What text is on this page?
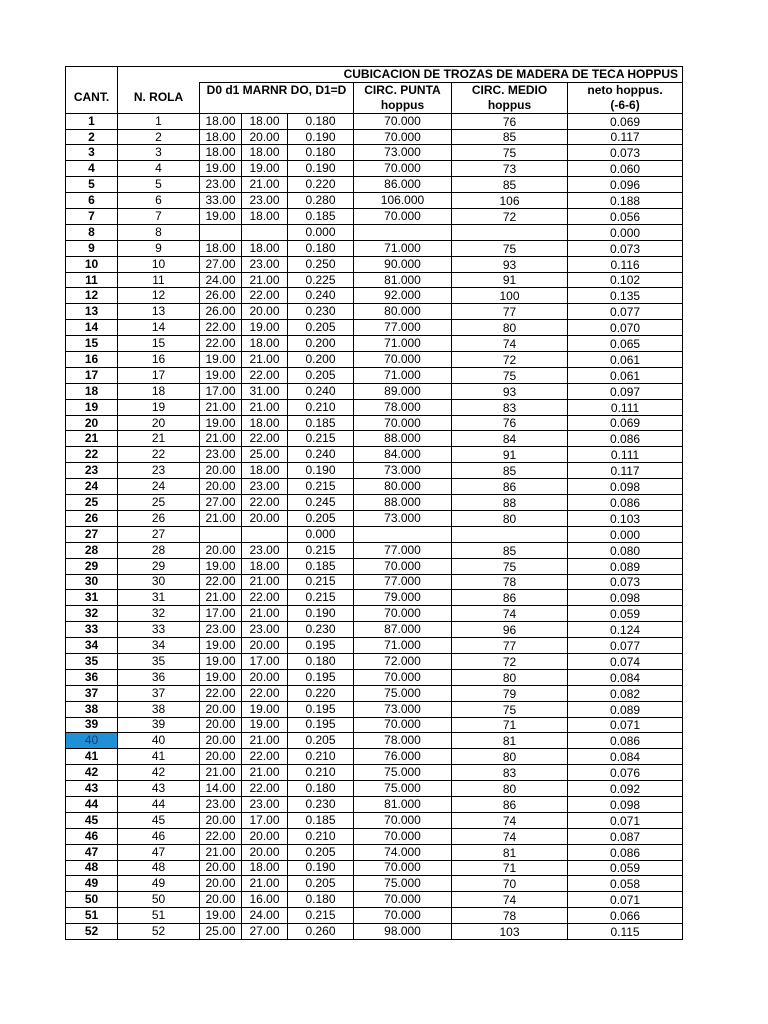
		CUBICACION DE TROZAS DE MADERA DE TECA HOPPUS					
CANT.	N. ROLA	D0 d1 MARNR DO, D1=D			CIRC. PUNTA	CIRC. MEDIO	neto hoppus.
					hoppus	hoppus	(-6-6)
1	1	18.00	18.00	0.180	70.000	76	0.069
2	2	18.00	20.00	0.190	70.000	85	0.117
3	3	18.00	18.00	0.180	73.000	75	0.073
4	4	19.00	19.00	0.190	70.000	73	0.060
5	5	23.00	21.00	0.220	86.000	85	0.096
6	6	33.00	23.00	0.280	106.000	106	0.188
7	7	19.00	18.00	0.185	70.000	72	0.056
8	8			0.000			0.000
9	9	18.00	18.00	0.180	71.000	75	0.073
10	10	27.00	23.00	0.250	90.000	93	0.116
11	11	24.00	21.00	0.225	81.000	91	0.102
12	12	26.00	22.00	0.240	92.000	100	0.135
13	13	26.00	20.00	0.230	80.000	77	0.077
14	14	22.00	19.00	0.205	77.000	80	0.070
15	15	22.00	18.00	0.200	71.000	74	0.065
16	16	19.00	21.00	0.200	70.000	72	0.061
17	17	19.00	22.00	0.205	71.000	75	0.061
18	18	17.00	31.00	0.240	89.000	93	0.097
19	19	21.00	21.00	0.210	78.000	83	0.111
20	20	19.00	18.00	0.185	70.000	76	0.069
21	21	21.00	22.00	0.215	88.000	84	0.086
22	22	23.00	25.00	0.240	84.000	91	0.111
23	23	20.00	18.00	0.190	73.000	85	0.117
24	24	20.00	23.00	0.215	80.000	86	0.098
25	25	27.00	22.00	0.245	88.000	88	0.086
26	26	21.00	20.00	0.205	73.000	80	0.103
27	27			0.000			0.000
28	28	20.00	23.00	0.215	77.000	85	0.080
29	29	19.00	18.00	0.185	70.000	75	0.089
30	30	22.00	21.00	0.215	77.000	78	0.073
31	31	21.00	22.00	0.215	79.000	86	0.098
32	32	17.00	21.00	0.190	70.000	74	0.059
33	33	23.00	23.00	0.230	87.000	96	0.124
34	34	19.00	20.00	0.195	71.000	77	0.077
35	35	19.00	17.00	0.180	72.000	72	0.074
36	36	19.00	20.00	0.195	70.000	80	0.084
37	37	22.00	22.00	0.220	75.000	79	0.082
38	38	20.00	19.00	0.195	73.000	75	0.089
39	39	20.00	19.00	0.195	70.000	71	0.071
40	40	20.00	21.00	0.205	78.000	81	0.086
41	41	20.00	22.00	0.210	76.000	80	0.084
42	42	21.00	21.00	0.210	75.000	83	0.076
43	43	14.00	22.00	0.180	75.000	80	0.092
44	44	23.00	23.00	0.230	81.000	86	0.098
45	45	20.00	17.00	0.185	70.000	74	0.071
46	46	22.00	20.00	0.210	70.000	74	0.087
47	47	21.00	20.00	0.205	74.000	81	0.086
48	48	20.00	18.00	0.190	70.000	71	0.059
49	49	20.00	21.00	0.205	75.000	70	0.058
50	50	20.00	16.00	0.180	70.000	74	0.071
51	51	19.00	24.00	0.215	70.000	78	0.066
52	52	25.00	27.00	0.260	98.000	103	0.115
